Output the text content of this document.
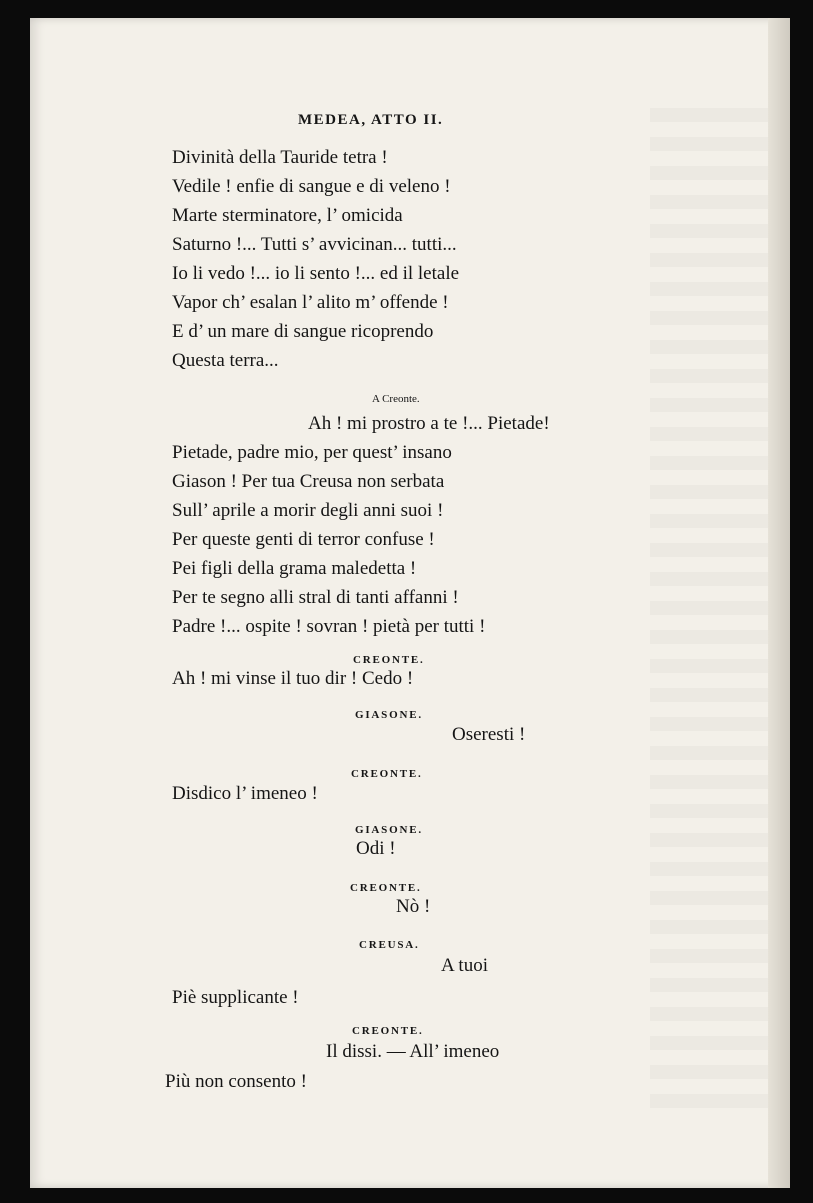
MEDEA, ATTO II.
Divinità della Tauride tetra !
Vedile ! enfie di sangue e di veleno !
Marte sterminatore, l’ omicida
Saturno !... Tutti s’ avvicinan... tutti...
Io li vedo !... io li sento !... ed il letale
Vapor ch’ esalan l’ alito m’ offende !
E d’ un mare di sangue ricoprendo
Questa terra...
A Creonte.
Ah ! mi prostro a te !... Pietade!
Pietade, padre mio, per quest’ insano
Giason ! Per tua Creusa non serbata
Sull’ aprile a morir degli anni suoi !
Per queste genti di terror confuse !
Pei figli della grama maledetta !
Per te segno alli stral di tanti affanni !
Padre !... ospite ! sovran ! pietà per tutti !
CREONTE.
Ah ! mi vinse il tuo dir ! Cedo !
GIASONE.
Oseresti !
CREONTE.
Disdico l’ imeneo !
GIASONE.
Odi !
CREONTE.
Nò !
CREUSA.
A tuoi
Piè supplicante !
CREONTE.
Il dissi. — All’ imeneo
Più non consento !
